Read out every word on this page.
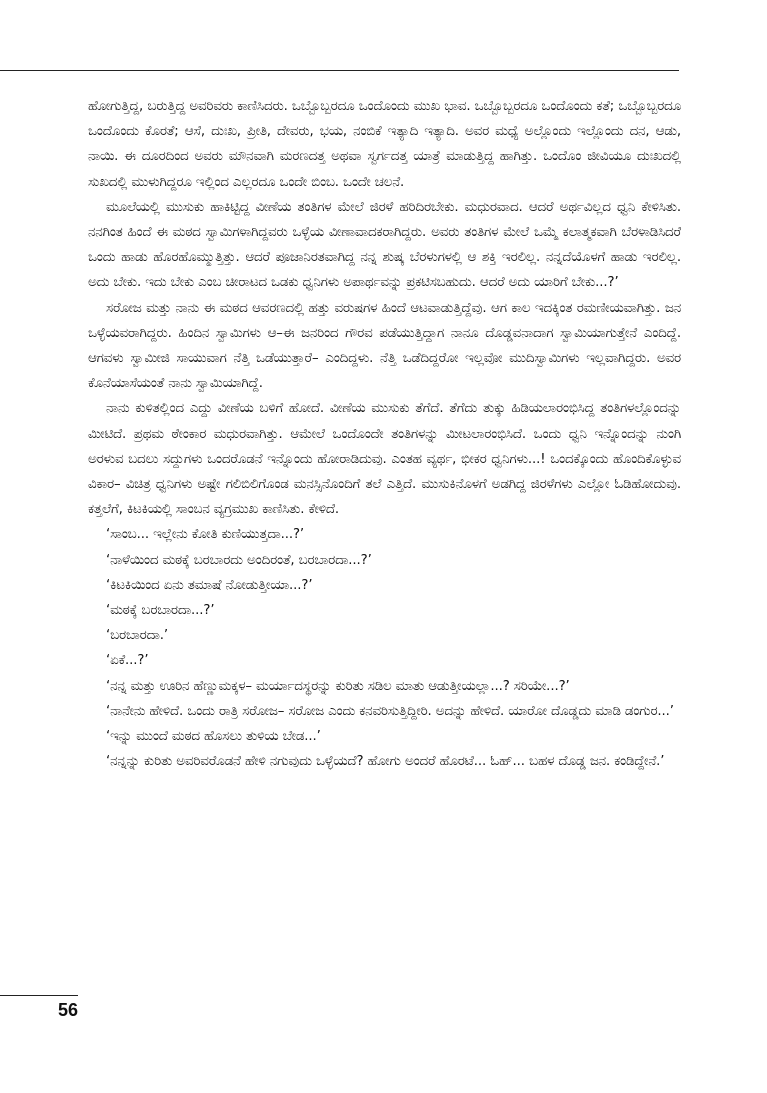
ಹೋಗುತ್ತಿದ್ದ, ಬರುತ್ತಿದ್ದ ಅವರಿವರು ಕಾಣಿಸಿದರು. ಒಬ್ಬೊಬ್ಬರದೂ ಒಂದೊಂದು ಮುಖ ಭಾವ. ಒಬ್ಬೊಬ್ಬರದೂ ಒಂದೊಂದು ಕತೆ; ಒಬ್ಬೊಬ್ಬರದೂ ಒಂದೊಂದು ಕೊರತೆ; ಆಸೆ, ದುಃಖ, ಪ್ರೀತಿ, ದೇವರು, ಭಯ, ನಂಬಿಕೆ ಇತ್ಯಾದಿ ಇತ್ಯಾದಿ. ಅವರ ಮಧ್ಯೆ ಅಲ್ಲೊಂದು ಇಲ್ಲೊಂದು ದನ, ಆಡು, ನಾಯಿ. ಈ ದೂರದಿಂದ ಅವರು ಮೌನವಾಗಿ ಮರಣದತ್ತ ಅಥವಾ ಸ್ವರ್ಗದತ್ತ ಯಾತ್ರೆ ಮಾಡುತ್ತಿದ್ದ ಹಾಗಿತ್ತು. ಒಂದೊಂ ಜೀವಿಯೂ ದುಃಖದಲ್ಲಿ ಸುಖದಲ್ಲಿ ಮುಳುಗಿದ್ದರೂ ಇಲ್ಲಿಂದ ಎಲ್ಲರದೂ ಒಂದೇ ಬಿಂಬ. ಒಂದೇ ಚಲನೆ.

ಮೂಲೆಯಲ್ಲಿ ಮುಸುಕು ಹಾಕಿಟ್ಟಿದ್ದ ವೀಣೆಯ ತಂತಿಗಳ ಮೇಲೆ ಜಿರಳೆ ಹರಿದಿರಬೇಕು. ಮಧುರವಾದ. ಆದರೆ ಅರ್ಥವಿಲ್ಲದ ಧ್ವನಿ ಕೇಳಿಸಿತು. ನನಗಿಂತ ಹಿಂದೆ ಈ ಮಠದ ಸ್ವಾಮಿಗಳಾಗಿದ್ದವರು ಒಳ್ಳೆಯ ವೀಣಾವಾದಕರಾಗಿದ್ದರು. ಅವರು ತಂತಿಗಳ ಮೇಲೆ ಒಮ್ಮೆ ಕಲಾತ್ಮಕವಾಗಿ ಬೆರಳಾಡಿಸಿದರೆ ಒಂದು ಹಾಡು ಹೊರಹೊಮ್ಮುತ್ತಿತ್ತು. ಆದರೆ ಪೂಜಾನಿರತವಾಗಿದ್ದ ನನ್ನ ಶುಷ್ಕ ಬೆರಳುಗಳಲ್ಲಿ ಆ ಶಕ್ತಿ ಇರಲಿಲ್ಲ. ನನ್ನದೆಯೊಳಗೆ ಹಾಡು ಇರಲಿಲ್ಲ. ಅದು ಬೇಕು. ಇದು ಬೇಕು ಎಂಬ ಚೀರಾಟದ ಒಡಕು ಧ್ವನಿಗಳು ಅಪಾರ್ಥವನ್ನು ಪ್ರಕಟಿಸಬಹುದು. ಆದರೆ ಅದು ಯಾರಿಗೆ ಬೇಕು...?’

ಸರೋಜ ಮತ್ತು ನಾನು ಈ ಮಠದ ಆವರಣದಲ್ಲಿ ಹತ್ತು ವರುಷಗಳ ಹಿಂದೆ ಆಟವಾಡುತ್ತಿದ್ದೆವು. ಆಗ ಕಾಲ ಇದಕ್ಕಿಂತ ರಮಣೀಯವಾಗಿತ್ತು. ಜನ ಒಳ್ಳೆಯವರಾಗಿದ್ದರು. ಹಿಂದಿನ ಸ್ವಾಮಿಗಳು ಆ–ಈ ಜನರಿಂದ ಗೌರವ ಪಡೆಯುತ್ತಿದ್ದಾಗ ನಾನೂ ದೊಡ್ಡವನಾದಾಗ ಸ್ವಾಮಿಯಾಗುತ್ತೇನೆ ಎಂದಿದ್ದೆ. ಆಗವಳು ಸ್ವಾಮೀಜಿ ಸಾಯುವಾಗ ನೆತ್ತಿ ಒಡೆಯುತ್ತಾರೆ– ಎಂದಿದ್ದಳು. ನೆತ್ತಿ ಒಡೆದಿದ್ದರೋ ಇಲ್ಲವೋ ಮುದಿಸ್ವಾಮಿಗಳು ಇಲ್ಲವಾಗಿದ್ದರು. ಅವರ ಕೊನೆಯಾಸೆಯಂತೆ ನಾನು ಸ್ವಾಮಿಯಾಗಿದ್ದೆ.

ನಾನು ಕುಳಿತಲ್ಲಿಂದ ಎದ್ದು ವೀಣೆಯ ಬಳಿಗೆ ಹೋದೆ. ವೀಣೆಯ ಮುಸುಕು ತೆಗೆದೆ. ತೆಗೆದು ತುಕ್ಕು ಹಿಡಿಯಲಾರಂಭಿಸಿದ್ದ ತಂತಿಗಳಲ್ಲೊಂದನ್ನು ಮೀಟಿದೆ. ಪ್ರಥಮ ಠೇಂಕಾರ ಮಧುರವಾಗಿತ್ತು. ಆಮೇಲೆ ಒಂದೊಂದೇ ತಂತಿಗಳನ್ನು ಮೀಟಲಾರಂಭಿಸಿದೆ. ಒಂದು ಧ್ವನಿ ಇನ್ನೊಂದನ್ನು ನುಂಗಿ ಅರಳುವ ಬದಲು ಸದ್ದುಗಳು ಒಂದರೊಡನೆ ಇನ್ನೊಂದು ಹೋರಾಡಿದುವು. ಎಂತಹ ವ್ಯರ್ಥ, ಭೀಕರ ಧ್ವನಿಗಳು...! ಒಂದಕ್ಕೊಂದು ಹೊಂದಿಕೊಳ್ಳುವ ವಿಕಾರ– ವಿಚಿತ್ರ ಧ್ವನಿಗಳು ಅಷ್ಟೇ ಗಲಿಬಿಲಿಗೊಂಡ ಮನಸ್ಸಿನೊಂದಿಗೆ ತಲೆ ಎತ್ತಿದೆ. ಮುಸುಕಿನೊಳಗೆ ಅಡಗಿದ್ದ ಜಿರಳೆಗಳು ಎಲ್ಲೋ ಓಡಿಹೋದುವು. ಕತ್ತಲೆಗೆ, ಕಿಟಕಿಯಲ್ಲಿ ಸಾಂಬನ ವ್ಯಗ್ರಮುಖ ಕಾಣಿಸಿತು. ಕೇಳಿದೆ.

‘ಸಾಂಬ... ಇಲ್ಲೇನು ಕೋತಿ ಕುಣಿಯುತ್ತದಾ...?’

‘ನಾಳೆಯಿಂದ ಮಠಕ್ಕೆ ಬರಬಾರದು ಅಂದಿರಂತೆ, ಬರಬಾರದಾ...?’

‘ಕಿಟಕಿಯಿಂದ ಏನು ತಮಾಷೆ ನೋಡುತ್ತೀಯಾ...?’

‘ಮಠಕ್ಕೆ ಬರಬಾರದಾ...?’

‘ಬರಬಾರದಾ.’

‘ಏಕೆ...?’

‘ನನ್ನ ಮತ್ತು ಊರಿನ ಹೆಣ್ಣುಮಕ್ಕಳ– ಮರ್ಯಾದಸ್ಥರನ್ನು ಕುರಿತು ಸಡಿಲ ಮಾತು ಆಡುತ್ತೀಯಲ್ಲಾ...? ಸರಿಯೇ...?’

‘ನಾನೇನು ಹೇಳಿದೆ. ಒಂದು ರಾತ್ರಿ ಸರೋಜ– ಸರೋಜ ಎಂದು ಕನವರಿಸುತ್ತಿದ್ದೀರಿ. ಅದನ್ನು ಹೇಳಿದೆ. ಯಾರೋ ದೊಡ್ಡದು ಮಾಡಿ ಡಂಗುರ...’

‘ಇನ್ನು ಮುಂದೆ ಮಠದ ಹೊಸಲು ತುಳಿಯ ಬೇಡ...’

‘ನನ್ನನ್ನು ಕುರಿತು ಅವರಿವರೊಡನೆ ಹೇಳಿ ನಗುವುದು ಒಳ್ಳೆಯದೆ? ಹೋಗು ಅಂದರೆ ಹೊರಟೆ... ಓಹ್... ಬಹಳ ದೊಡ್ಡ ಜನ. ಕಂಡಿದ್ದೇನೆ.’

56
